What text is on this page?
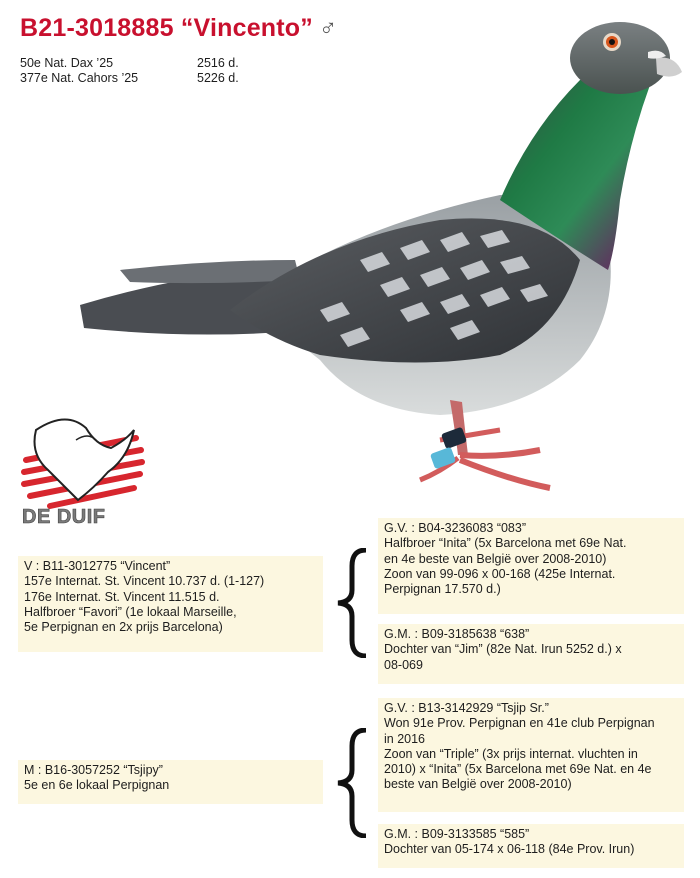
B21-3018885 “Vincento” ♂
50e Nat. Dax ’25	2516 d.
377e Nat. Cahors ’25	5226 d.
DE DUIF
V : B11-3012775 “Vincent”
157e Internat. St. Vincent 10.737 d. (1-127)
176e Internat. St. Vincent 11.515 d.
Halfbroer “Favori” (1e lokaal Marseille,
5e Perpignan en 2x prijs Barcelona)
M : B16-3057252 “Tsjipy”
5e en 6e lokaal Perpignan
G.V. : B04-3236083 “083”
Halfbroer “Inita” (5x Barcelona met 69e Nat.
en 4e beste van België over 2008-2010)
Zoon van 99-096 x 00-168 (425e Internat.
Perpignan 17.570 d.)
G.M. : B09-3185638 “638”
Dochter van “Jim” (82e Nat. Irun 5252 d.) x
08-069
G.V. : B13-3142929 “Tsjip Sr.”
Won 91e Prov. Perpignan en 41e club Perpignan
in 2016
Zoon van “Triple” (3x prijs internat. vluchten in
2010) x “Inita” (5x Barcelona met 69e Nat. en 4e
beste van België over 2008-2010)
G.M. : B09-3133585 “585”
Dochter van 05-174 x 06-118 (84e Prov. Irun)
